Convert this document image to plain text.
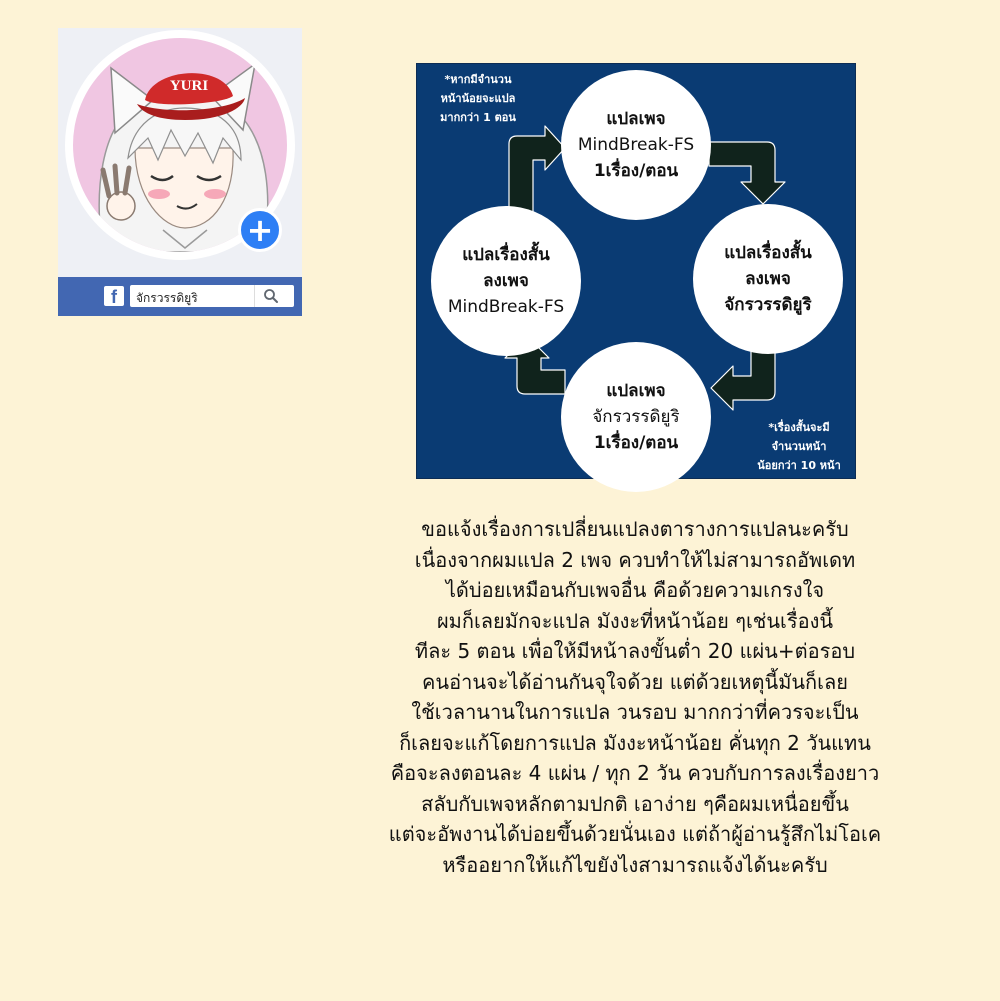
YURI
+
f	จักรวรรดิยูริ
*หากมีจำนวน
หน้าน้อยจะแปล
มากกว่า 1 ตอน	แปลเพจ
MindBreak-FS
1เรื่อง/ตอน
แปลเรื่องสั้น
ลงเพจ
จักรวรรดิยูริ
แปลเพจ
จักรวรรดิยูริ
1เรื่อง/ตอน
แปลเรื่องสั้น
ลงเพจ
MindBreak-FS
*เรื่องสั้นจะมี
จำนวนหน้า
น้อยกว่า 10 หน้า
ขอแจ้งเรื่องการเปลี่ยนแปลงตารางการแปลนะครับ
เนื่องจากผมแปล 2 เพจ ควบทำให้ไม่สามารถอัพเดท
ได้บ่อยเหมือนกับเพจอื่น คือด้วยความเกรงใจ
ผมก็เลยมักจะแปล มังงะที่หน้าน้อย ๆเช่นเรื่องนี้
ทีละ 5 ตอน เพื่อให้มีหน้าลงขั้นต่ำ 20 แผ่น+ต่อรอบ
คนอ่านจะได้อ่านกันจุใจด้วย แต่ด้วยเหตุนี้มันก็เลย
ใช้เวลานานในการแปล วนรอบ มากกว่าที่ควรจะเป็น
ก็เลยจะแก้โดยการแปล มังงะหน้าน้อย คั่นทุก 2 วันแทน
คือจะลงตอนละ 4 แผ่น / ทุก 2 วัน ควบกับการลงเรื่องยาว
สลับกับเพจหลักตามปกติ เอาง่าย ๆคือผมเหนื่อยขึ้น
แต่จะอัพงานได้บ่อยขึ้นด้วยนั่นเอง แต่ถ้าผู้อ่านรู้สึกไม่โอเค
หรืออยากให้แก้ไขยังไงสามารถแจ้งได้นะครับ
